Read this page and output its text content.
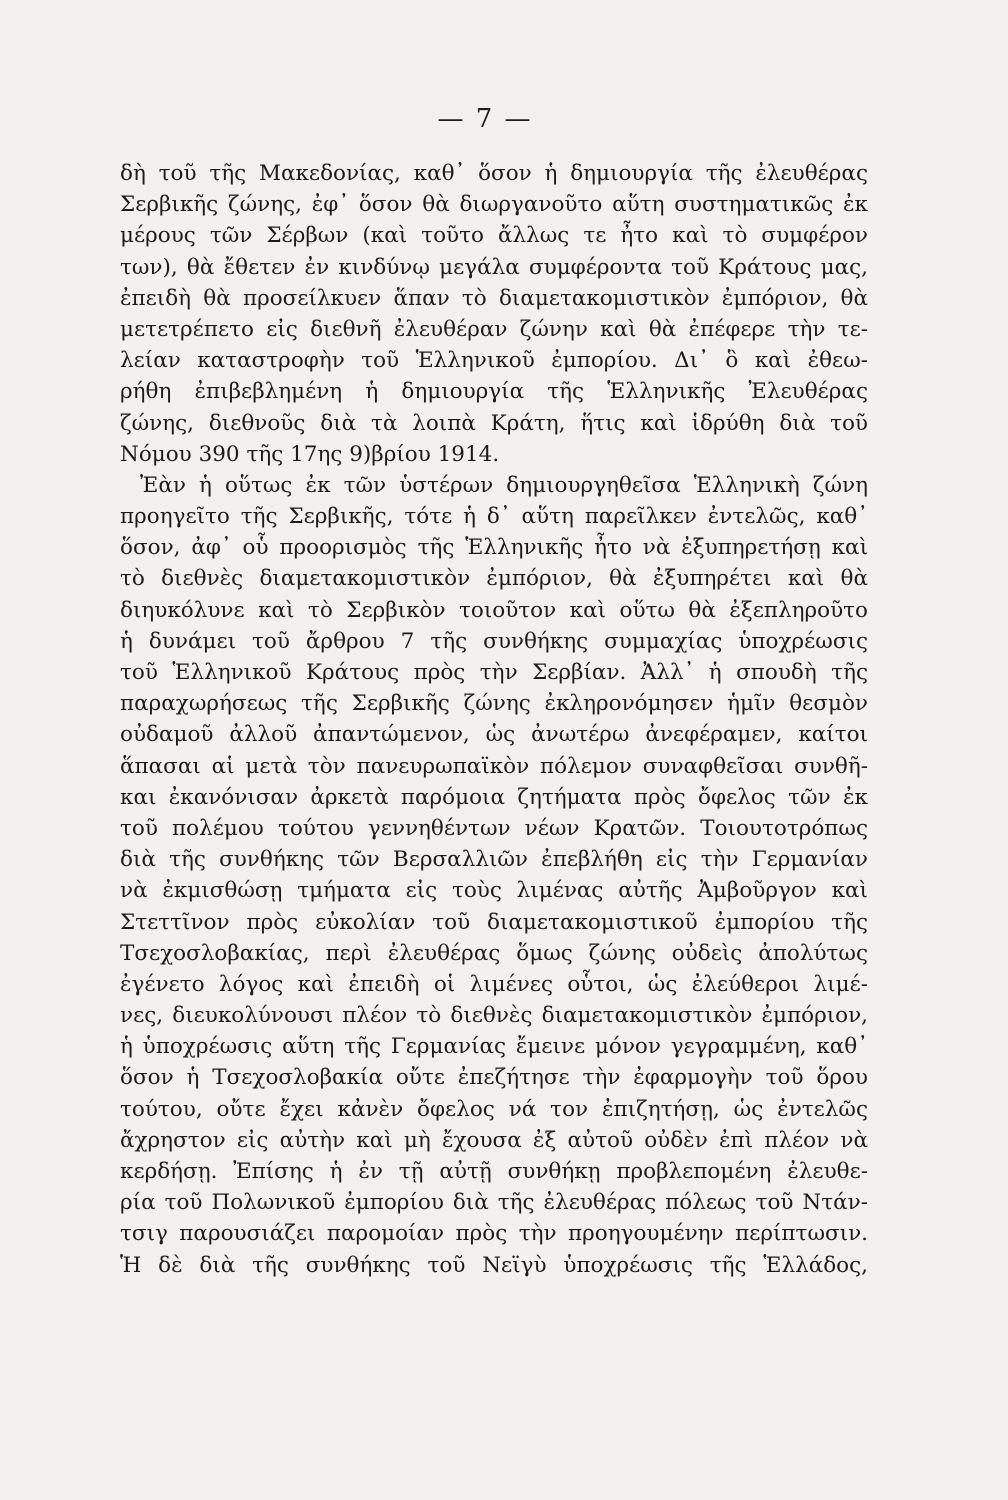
— 7 —
δὴ τοῦ τῆς Μακεδονίας, καθ᾽ ὅσον ἡ δημιουργία τῆς ἐλευθέρας
Σερβικῆς ζώνης, ἐφ᾽ ὅσον θὰ διωργανοῦτο αὕτη συστηματικῶς ἐκ
μέρους τῶν Σέρβων (καὶ τοῦτο ἄλλως τε ἦτο καὶ τὸ συμφέρον
των), θὰ ἔθετεν ἐν κινδύνῳ μεγάλα συμφέροντα τοῦ Κράτους μας,
ἐπειδὴ θὰ προσείλκυεν ἅπαν τὸ διαμετακομιστικὸν ἐμπόριον, θὰ
μετετρέπετο εἰς διεθνῆ ἐλευθέραν ζώνην καὶ θὰ ἐπέφερε τὴν τε-
λείαν καταστροφὴν τοῦ Ἑλληνικοῦ ἐμπορίου. Δι᾽ ὃ καὶ ἐθεω-
ρήθη ἐπιβεβλημένη ἡ δημιουργία τῆς Ἑλληνικῆς Ἐλευθέρας
ζώνης, διεθνοῦς διὰ τὰ λοιπὰ Κράτη, ἥτις καὶ ἱδρύθη διὰ τοῦ
Νόμου 390 τῆς 17ης 9)βρίου 1914.
Ἐὰν ἡ οὕτως ἐκ τῶν ὑστέρων δημιουργηθεῖσα Ἑλληνικὴ ζώνη
προηγεῖτο τῆς Σερβικῆς, τότε ἡ δ᾽ αὕτη παρεῖλκεν ἐντελῶς, καθ᾽
ὅσον, ἀφ᾽ οὗ προορισμὸς τῆς Ἑλληνικῆς ἦτο νὰ ἐξυπηρετήσῃ καὶ
τὸ διεθνὲς διαμετακομιστικὸν ἐμπόριον, θὰ ἐξυπηρέτει καὶ θὰ
διηυκόλυνε καὶ τὸ Σερβικὸν τοιοῦτον καὶ οὕτω θὰ ἐξεπληροῦτο
ἡ δυνάμει τοῦ ἄρθρου 7 τῆς συνθήκης συμμαχίας ὑποχρέωσις
τοῦ Ἑλληνικοῦ Κράτους πρὸς τὴν Σερβίαν. Ἀλλ᾽ ἡ σπουδὴ τῆς
παραχωρήσεως τῆς Σερβικῆς ζώνης ἐκληρονόμησεν ἡμῖν θεσμὸν
οὐδαμοῦ ἀλλοῦ ἀπαντώμενον, ὡς ἀνωτέρω ἀνεφέραμεν, καίτοι
ἅπασαι αἱ μετὰ τὸν πανευρωπαϊκὸν πόλεμον συναφθεῖσαι συνθῆ-
και ἐκανόνισαν ἀρκετὰ παρόμοια ζητήματα πρὸς ὄφελος τῶν ἐκ
τοῦ πολέμου τούτου γεννηθέντων νέων Κρατῶν. Τοιουτοτρόπως
διὰ τῆς συνθήκης τῶν Βερσαλλιῶν ἐπεβλήθη εἰς τὴν Γερμανίαν
νὰ ἐκμισθώσῃ τμήματα εἰς τοὺς λιμένας αὐτῆς Ἀμβοῦργον καὶ
Στεττῖνον πρὸς εὐκολίαν τοῦ διαμετακομιστικοῦ ἐμπορίου τῆς
Τσεχοσλοβακίας, περὶ ἐλευθέρας ὅμως ζώνης οὐδεὶς ἀπολύτως
ἐγένετο λόγος καὶ ἐπειδὴ οἱ λιμένες οὗτοι, ὡς ἐλεύθεροι λιμέ-
νες, διευκολύνουσι πλέον τὸ διεθνὲς διαμετακομιστικὸν ἐμπόριον,
ἡ ὑποχρέωσις αὕτη τῆς Γερμανίας ἔμεινε μόνον γεγραμμένη, καθ᾽
ὅσον ἡ Τσεχοσλοβακία οὔτε ἐπεζήτησε τὴν ἐφαρμογὴν τοῦ ὅρου
τούτου, οὔτε ἔχει κἀνὲν ὄφελος νά τον ἐπιζητήσῃ, ὡς ἐντελῶς
ἄχρηστον εἰς αὐτὴν καὶ μὴ ἔχουσα ἐξ αὐτοῦ οὐδὲν ἐπὶ πλέον νὰ
κερδήσῃ. Ἐπίσης ἡ ἐν τῇ αὐτῇ συνθήκῃ προβλεπομένη ἐλευθε-
ρία τοῦ Πολωνικοῦ ἐμπορίου διὰ τῆς ἐλευθέρας πόλεως τοῦ Ντάν-
τσιγ παρουσιάζει παρομοίαν πρὸς τὴν προηγουμένην περίπτωσιν.
Ἡ δὲ διὰ τῆς συνθήκης τοῦ Νεϊγὺ ὑποχρέωσις τῆς Ἑλλάδος,
